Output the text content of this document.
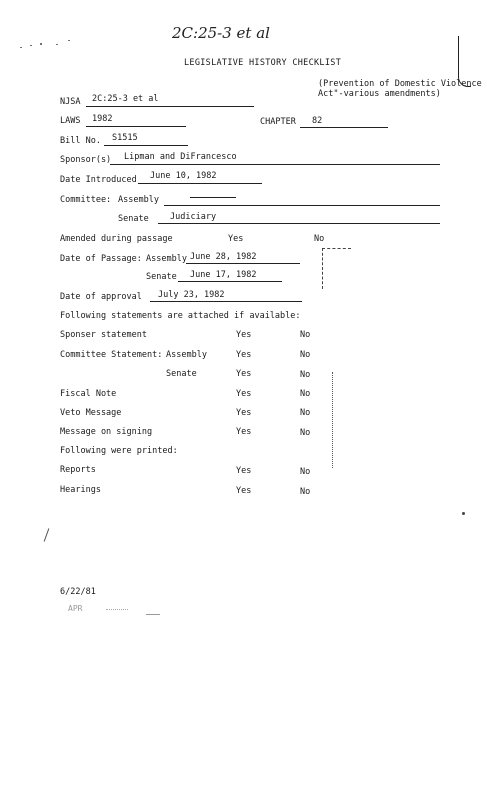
2C:25-3 et al
LEGISLATIVE HISTORY CHECKLIST
(Prevention of Domestic Violence
Act"-various amendments)
NJSA 2C:25-3 et al
LAWS 1982	CHAPTER 82
Bill No. S1515
Sponsor(s) Lipman and DiFrancesco
Date Introduced June 10, 1982
Committee: Assembly
Senate	Judiciary
Amended during passage	Yes	No
Date of Passage: Assembly June 28, 1982
Senate June 17, 1982
Date of approval July 23, 1982
Following statements are attached if available:
Sponser statement	Yes	No
Committee Statement: Assembly	Yes	No
Senate	Yes	No
Fiscal Note	Yes	No
Veto Message	Yes	No
Message on signing	Yes	No
Following were printed:
Reports	Yes	No
Hearings	Yes	No
6/22/81
APR
